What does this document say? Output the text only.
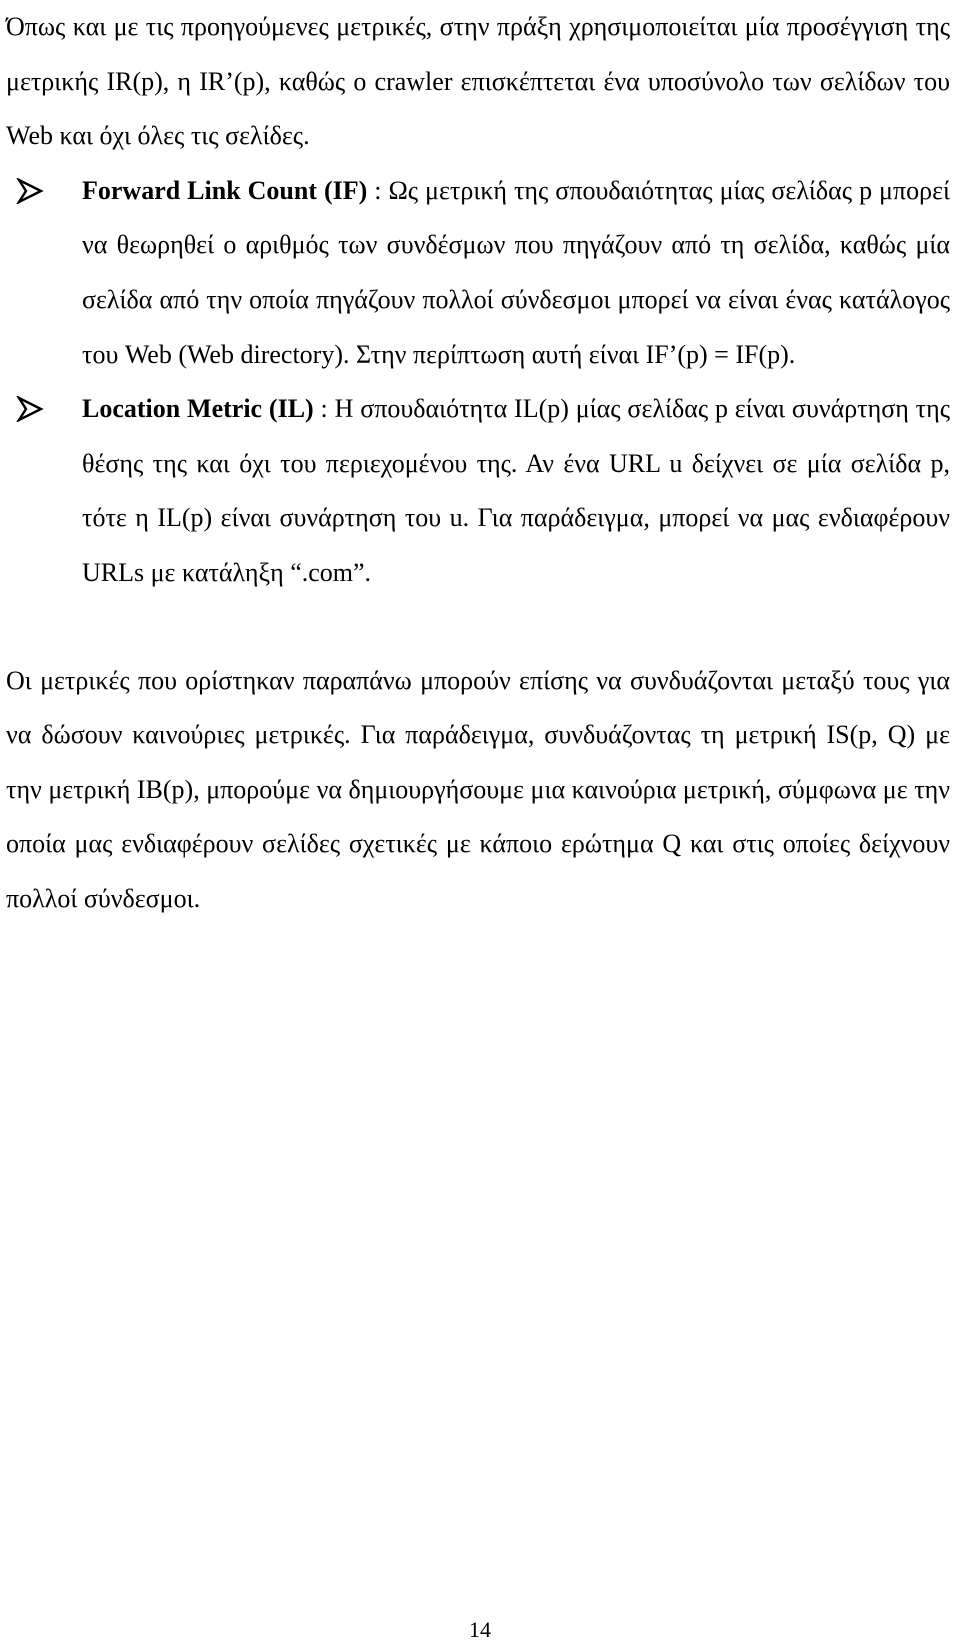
Όπως και με τις προηγούμενες μετρικές, στην πράξη χρησιμοποιείται μία προσέγγιση της μετρικής IR(p), η IR’(p), καθώς ο crawler επισκέπτεται ένα υποσύνολο των σελίδων του Web και όχι όλες τις σελίδες.

Forward Link Count (IF) : Ως μετρική της σπουδαιότητας μίας σελίδας p μπορεί να θεωρηθεί ο αριθμός των συνδέσμων που πηγάζουν από τη σελίδα, καθώς μία σελίδα από την οποία πηγάζουν πολλοί σύνδεσμοι μπορεί να είναι ένας κατάλογος του Web (Web directory). Στην περίπτωση αυτή είναι IF’(p) = IF(p).
Location Metric (IL) : Η σπουδαιότητα IL(p) μίας σελίδας p είναι συνάρτηση της θέσης της και όχι του περιεχομένου της. Αν ένα URL u δείχνει σε μία σελίδα p, τότε η IL(p) είναι συνάρτηση του u. Για παράδειγμα, μπορεί να μας ενδιαφέρουν URLs με κατάληξη “.com”.

Οι μετρικές που ορίστηκαν παραπάνω μπορούν επίσης να συνδυάζονται μεταξύ τους για να δώσουν καινούριες μετρικές. Για παράδειγμα, συνδυάζοντας τη μετρική IS(p, Q) με την μετρική IB(p), μπορούμε να δημιουργήσουμε μια καινούρια μετρική, σύμφωνα με την οποία μας ενδιαφέρουν σελίδες σχετικές με κάποιο ερώτημα Q και στις οποίες δείχνουν πολλοί σύνδεσμοι.

14
